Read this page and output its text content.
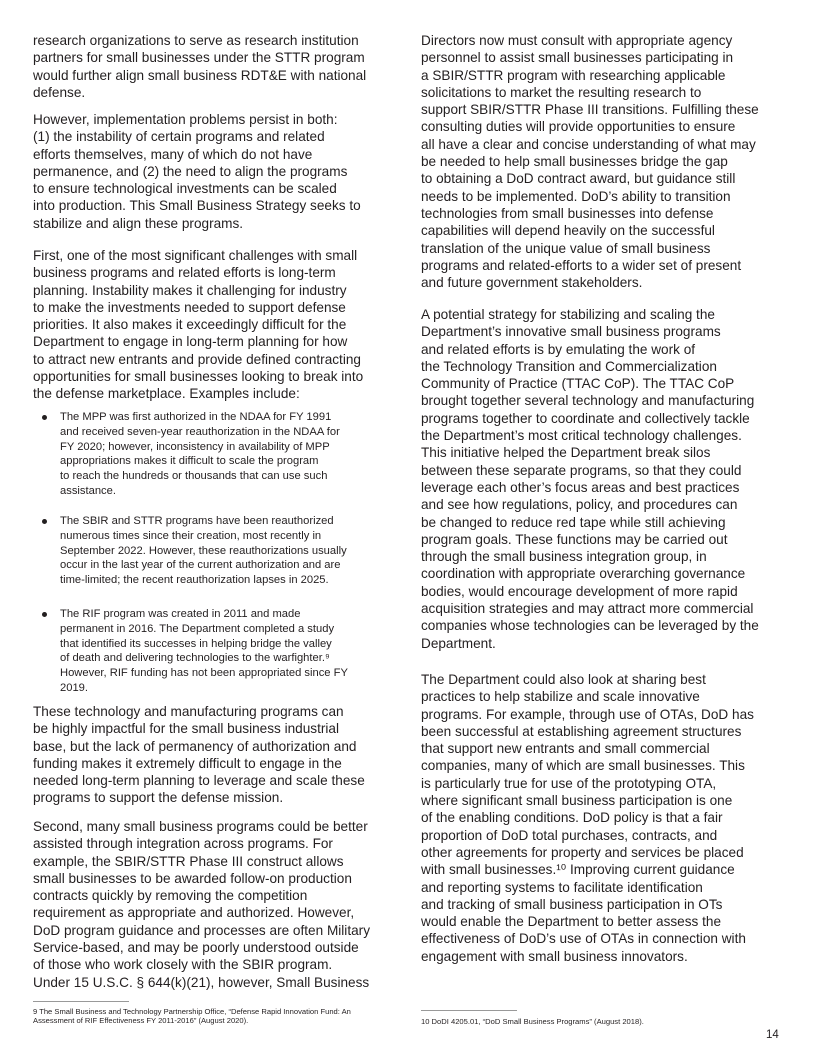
research organizations to serve as research institution
partners for small businesses under the STTR program
would further align small business RDT&E with national
defense.
However, implementation problems persist in both:
(1) the instability of certain programs and related
efforts themselves, many of which do not have
permanence, and (2) the need to align the programs
to ensure technological investments can be scaled
into production. This Small Business Strategy seeks to
stabilize and align these programs.
First, one of the most significant challenges with small
business programs and related efforts is long-term
planning. Instability makes it challenging for industry
to make the investments needed to support defense
priorities. It also makes it exceedingly difficult for the
Department to engage in long-term planning for how
to attract new entrants and provide defined contracting
opportunities for small businesses looking to break into
the defense marketplace. Examples include:
The MPP was first authorized in the NDAA for FY 1991
and received seven-year reauthorization in the NDAA for
FY 2020; however, inconsistency in availability of MPP
appropriations makes it difficult to scale the program
to reach the hundreds or thousands that can use such
assistance.
The SBIR and STTR programs have been reauthorized
numerous times since their creation, most recently in
September 2022. However, these reauthorizations usually
occur in the last year of the current authorization and are
time-limited; the recent reauthorization lapses in 2025.
The RIF program was created in 2011 and made
permanent in 2016. The Department completed a study
that identified its successes in helping bridge the valley
of death and delivering technologies to the warfighter.⁹
However, RIF funding has not been appropriated since FY
2019.
These technology and manufacturing programs can
be highly impactful for the small business industrial
base, but the lack of permanency of authorization and
funding makes it extremely difficult to engage in the
needed long-term planning to leverage and scale these
programs to support the defense mission.
Second, many small business programs could be better
assisted through integration across programs. For
example, the SBIR/STTR Phase III construct allows
small businesses to be awarded follow-on production
contracts quickly by removing the competition
requirement as appropriate and authorized. However,
DoD program guidance and processes are often Military
Service-based, and may be poorly understood outside
of those who work closely with the SBIR program.
Under 15 U.S.C. § 644(k)(21), however, Small Business
Directors now must consult with appropriate agency
personnel to assist small businesses participating in
a SBIR/STTR program with researching applicable
solicitations to market the resulting research to
support SBIR/STTR Phase III transitions. Fulfilling these
consulting duties will provide opportunities to ensure
all have a clear and concise understanding of what may
be needed to help small businesses bridge the gap
to obtaining a DoD contract award, but guidance still
needs to be implemented. DoD’s ability to transition
technologies from small businesses into defense
capabilities will depend heavily on the successful
translation of the unique value of small business
programs and related-efforts to a wider set of present
and future government stakeholders.
A potential strategy for stabilizing and scaling the
Department’s innovative small business programs
and related efforts is by emulating the work of
the Technology Transition and Commercialization
Community of Practice (TTAC CoP). The TTAC CoP
brought together several technology and manufacturing
programs together to coordinate and collectively tackle
the Department’s most critical technology challenges.
This initiative helped the Department break silos
between these separate programs, so that they could
leverage each other’s focus areas and best practices
and see how regulations, policy, and procedures can
be changed to reduce red tape while still achieving
program goals. These functions may be carried out
through the small business integration group, in
coordination with appropriate overarching governance
bodies, would encourage development of more rapid
acquisition strategies and may attract more commercial
companies whose technologies can be leveraged by the
Department.
The Department could also look at sharing best
practices to help stabilize and scale innovative
programs. For example, through use of OTAs, DoD has
been successful at establishing agreement structures
that support new entrants and small commercial
companies, many of which are small businesses. This
is particularly true for use of the prototyping OTA,
where significant small business participation is one
of the enabling conditions. DoD policy is that a fair
proportion of DoD total purchases, contracts, and
other agreements for property and services be placed
with small businesses.¹⁰ Improving current guidance
and reporting systems to facilitate identification
and tracking of small business participation in OTs
would enable the Department to better assess the
effectiveness of DoD’s use of OTAs in connection with
engagement with small business innovators.
9 The Small Business and Technology Partnership Office, “Defense Rapid Innovation Fund: An
Assessment of RIF Effectiveness FY 2011-2016” (August 2020).	10 DoDI 4205.01, “DoD Small Business Programs” (August 2018).
14
